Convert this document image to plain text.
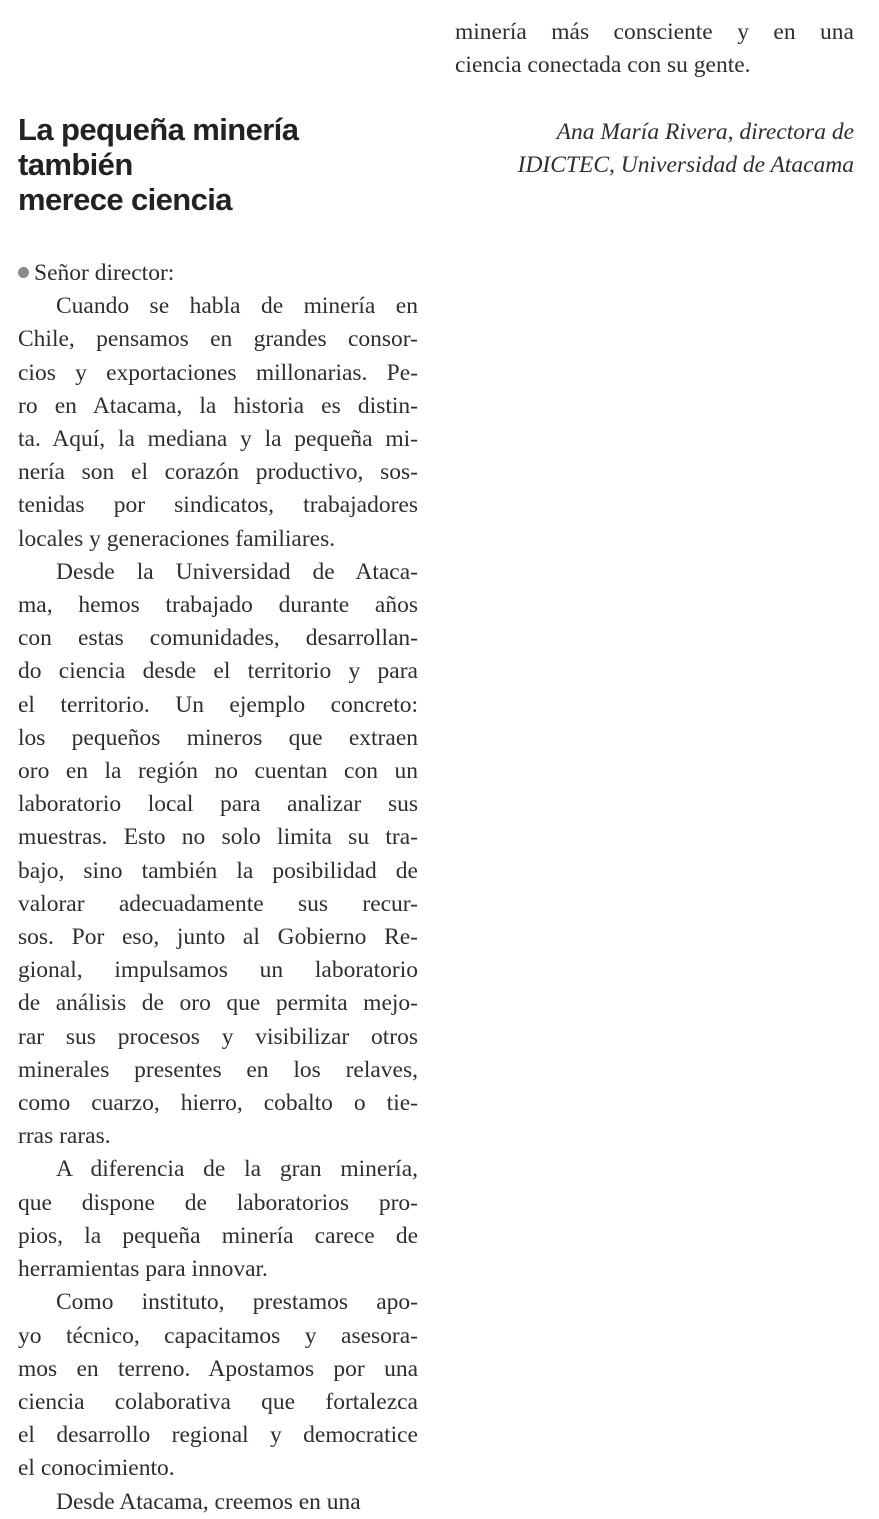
La pequeña minería también
merece ciencia

Señor director:

Cuando se habla de minería en
Chile, pensamos en grandes consor-
cios y exportaciones millonarias. Pe-
ro en Atacama, la historia es distin-
ta. Aquí, la mediana y la pequeña mi-
nería son el corazón productivo, sos-
tenidas por sindicatos, trabajadores
locales y generaciones familiares.

Desde la Universidad de Ataca-
ma, hemos trabajado durante años
con estas comunidades, desarrollan-
do ciencia desde el territorio y para
el territorio. Un ejemplo concreto:
los pequeños mineros que extraen
oro en la región no cuentan con un
laboratorio local para analizar sus
muestras. Esto no solo limita su tra-
bajo, sino también la posibilidad de
valorar adecuadamente sus recur-
sos. Por eso, junto al Gobierno Re-
gional, impulsamos un laboratorio
de análisis de oro que permita mejo-
rar sus procesos y visibilizar otros
minerales presentes en los relaves,
como cuarzo, hierro, cobalto o tie-
rras raras.

A diferencia de la gran minería,
que dispone de laboratorios pro-
pios, la pequeña minería carece de
herramientas para innovar.

Como instituto, prestamos apo-
yo técnico, capacitamos y asesora-
mos en terreno. Apostamos por una
ciencia colaborativa que fortalezca
el desarrollo regional y democratice
el conocimiento.

Desde Atacama, creemos en una

minería más consciente y en una
ciencia conectada con su gente.

Ana María Rivera, directora de
IDICTEC, Universidad de Atacama
